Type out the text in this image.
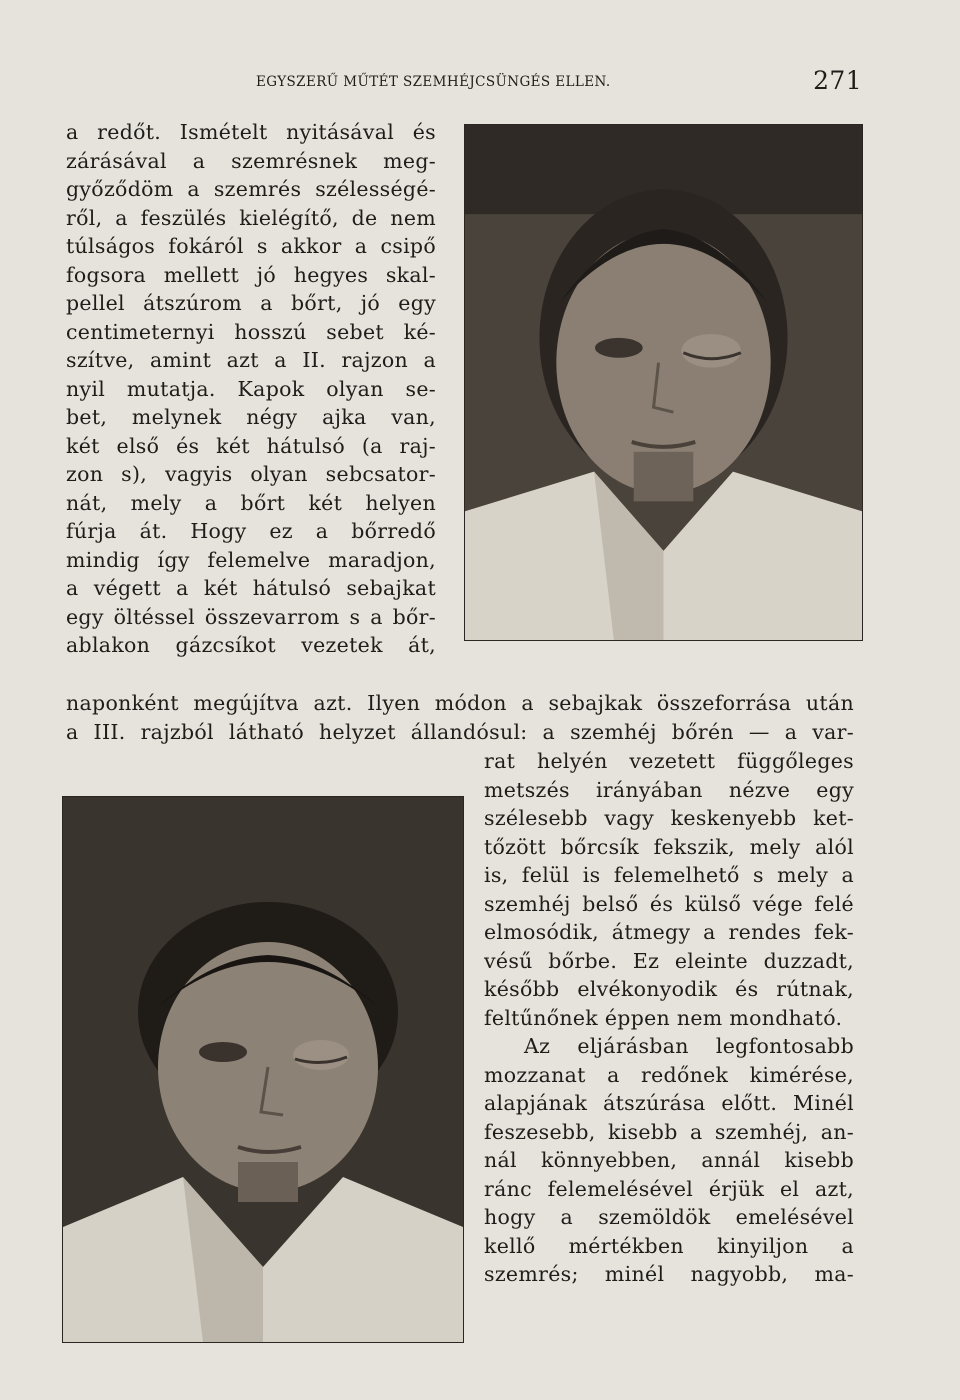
EGYSZERŰ MŰTÉT SZEMHÉJCSÜNGÉS ELLEN.	271
a redőt. Ismételt nyitásával és
zárásával a szemrésnek meg-
győződöm a szemrés szélességé-
ről, a feszülés kielégítő, de nem
túlságos fokáról s akkor a csipő
fogsora mellett jó hegyes skal-
pellel átszúrom a bőrt, jó egy
centimeternyi hosszú sebet ké-
szítve, amint azt a II. rajzon a
nyil mutatja. Kapok olyan se-
bet, melynek négy ajka van,
két első és két hátulsó (a raj-
zon s), vagyis olyan sebcsator-
nát, mely a bőrt két helyen
fúrja át. Hogy ez a bőrredő
mindig így felemelve maradjon,
a végett a két hátulsó sebajkat
egy öltéssel összevarrom s a bőr-
ablakon gázcsíkot vezetek át,
naponként megújítva azt. Ilyen módon a sebajkak összeforrása után
a III. rajzból látható helyzet állandósul: a szemhéj bőrén — a var-
rat helyén vezetett függőleges
metszés irányában nézve egy
szélesebb vagy keskenyebb ket-
tőzött bőrcsík fekszik, mely alól
is, felül is felemelhető s mely a
szemhéj belső és külső vége felé
elmosódik, átmegy a rendes fek-
vésű bőrbe. Ez eleinte duzzadt,
később elvékonyodik és rútnak,
feltűnőnek éppen nem mondható.
Az eljárásban legfontosabb
mozzanat a redőnek kimérése,
alapjának átszúrása előtt. Minél
feszesebb, kisebb a szemhéj, an-
nál könnyebben, annál kisebb
ránc felemelésével érjük el azt,
hogy a szemöldök emelésével
kellő mértékben kinyiljon a
szemrés; minél nagyobb, ma-
